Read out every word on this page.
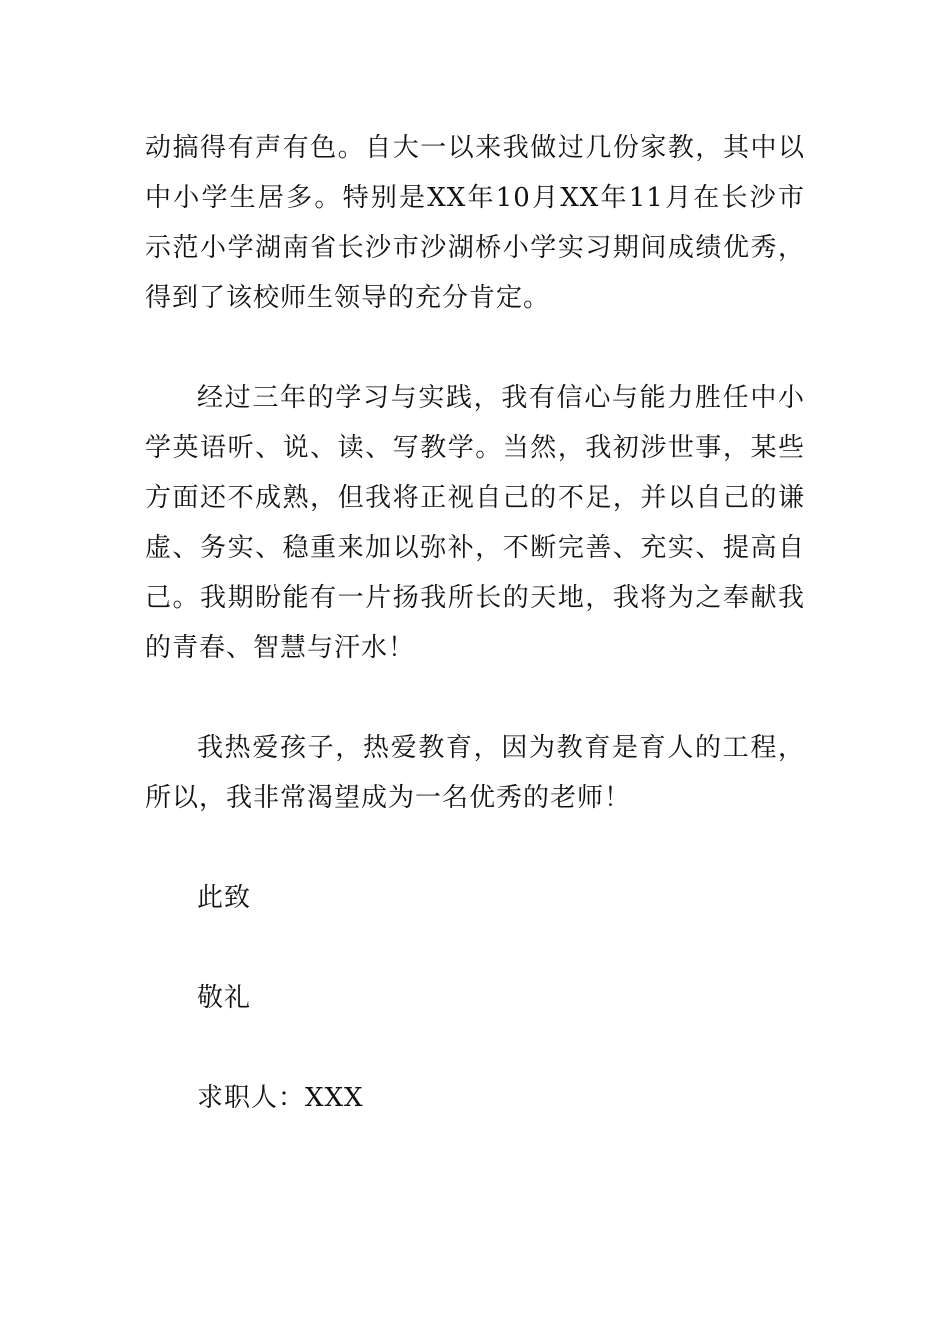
动搞得有声有色。自大一以来我做过几份家教，其中以中小学生居多。特别是XX年10月XX年11月在长沙市示范小学湖南省长沙市沙湖桥小学实习期间成绩优秀，得到了该校师生领导的充分肯定。

经过三年的学习与实践，我有信心与能力胜任中小学英语听、说、读、写教学。当然，我初涉世事，某些方面还不成熟，但我将正视自己的不足，并以自己的谦虚、务实、稳重来加以弥补，不断完善、充实、提高自己。我期盼能有一片扬我所长的天地，我将为之奉献我的青春、智慧与汗水！

我热爱孩子，热爱教育，因为教育是育人的工程，所以，我非常渴望成为一名优秀的老师！

此致

敬礼

求职人：XXX
